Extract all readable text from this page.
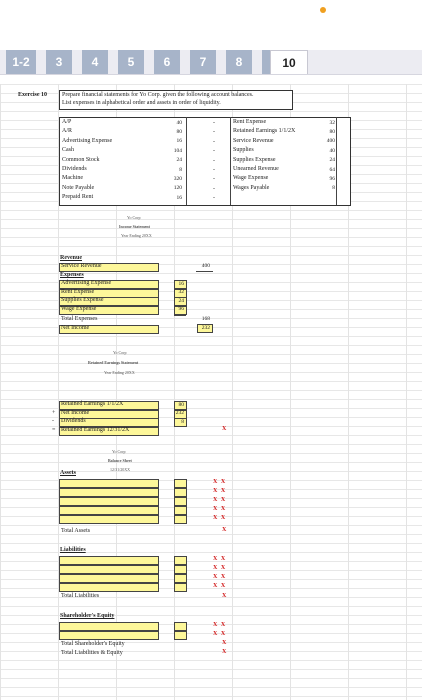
1-2	3	4	5	6	7	8	10
Exercise 10 Prepare financial statements for Yo Corp. given the following account balances.
List expenses in alphabetical order and assets in order of liquidity.
A/P	40	-
A/R	80	-
Advertising Expense	16	-
Cash	104	-
Common Stock	24	-
Dividends	8	-
Machine	320	-
Note Payable	120	-
Prepaid Rent	16	-
Rent Expense	32
Retained Earnings 1/1/2X	80
Service Revenue	400
Supplies	40
Supplies Expense	24
Unearned Revenue	64
Wage Expense	96
Wages Payable	8
Yo Corp
Income Statement
Year Ending 20XX
Revenue
Service Revenue	400
Expenses
Advertising Expense	16
Rent Expense	32
Supplies Expense	24
Wage Expense	96
Total Expenses	168
Net Income	232
Yo Corp
Retained Earnings Statement
Year Ending 20XX
Retained Earnings 1/1/2X	80
+ Net Income	232
- Dividends	8
= Retained Earnings 12/31/2X	X
Yo Corp
Balance Sheet
12/31/20XX
Assets
X X
X X
X X
X X
X X
Total Assets	X
Liabilities
X X
X X
X X
X X
Total Liabilities	X
Shareholder's Equity
X X
X X
Total Shareholder's Equity	X
Total Liabilities & Equity	X
